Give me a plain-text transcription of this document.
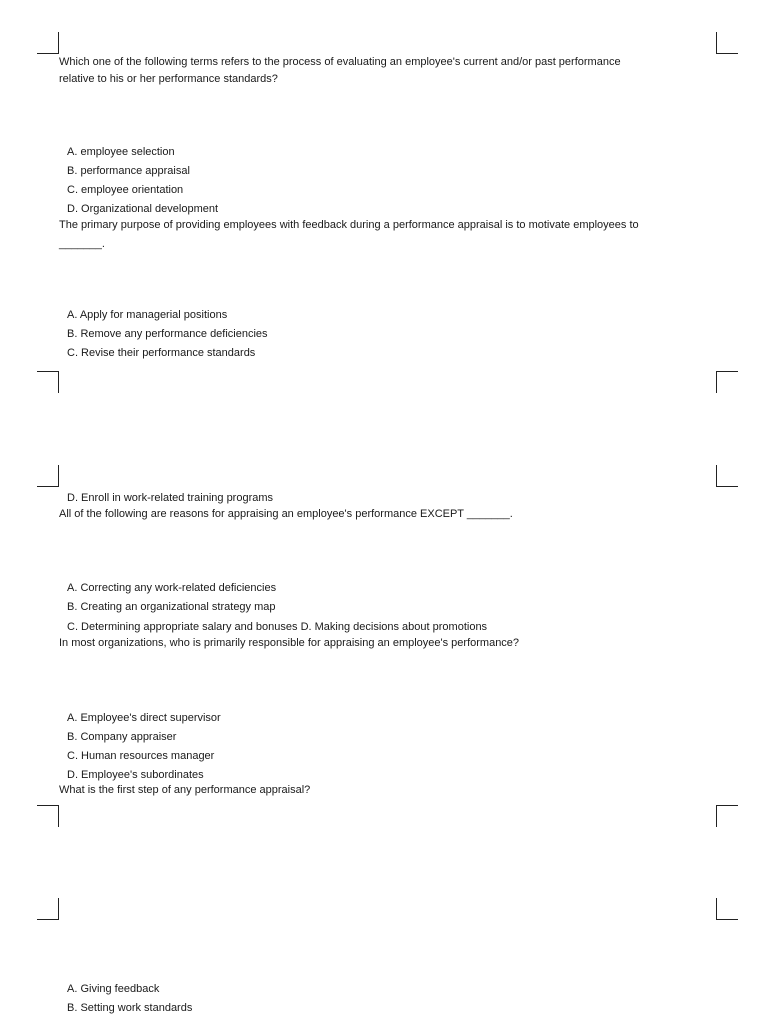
Which one of the following terms refers to the process of evaluating an employee's current and/or past performance
relative to his or her performance standards?
A. employee selection
B. performance appraisal
C. employee orientation
D. Organizational development
The primary purpose of providing employees with feedback during a performance appraisal is to motivate employees to
_______.
A. Apply for managerial positions
B. Remove any performance deficiencies
C. Revise their performance standards
D. Enroll in work-related training programs
All of the following are reasons for appraising an employee's performance EXCEPT _______.
A. Correcting any work-related deficiencies
B. Creating an organizational strategy map
C. Determining appropriate salary and bonuses D. Making decisions about promotions
In most organizations, who is primarily responsible for appraising an employee's performance?
A. Employee's direct supervisor
B. Company appraiser
C. Human resources manager
D. Employee's subordinates
What is the first step of any performance appraisal?
A. Giving feedback
B. Setting work standards
